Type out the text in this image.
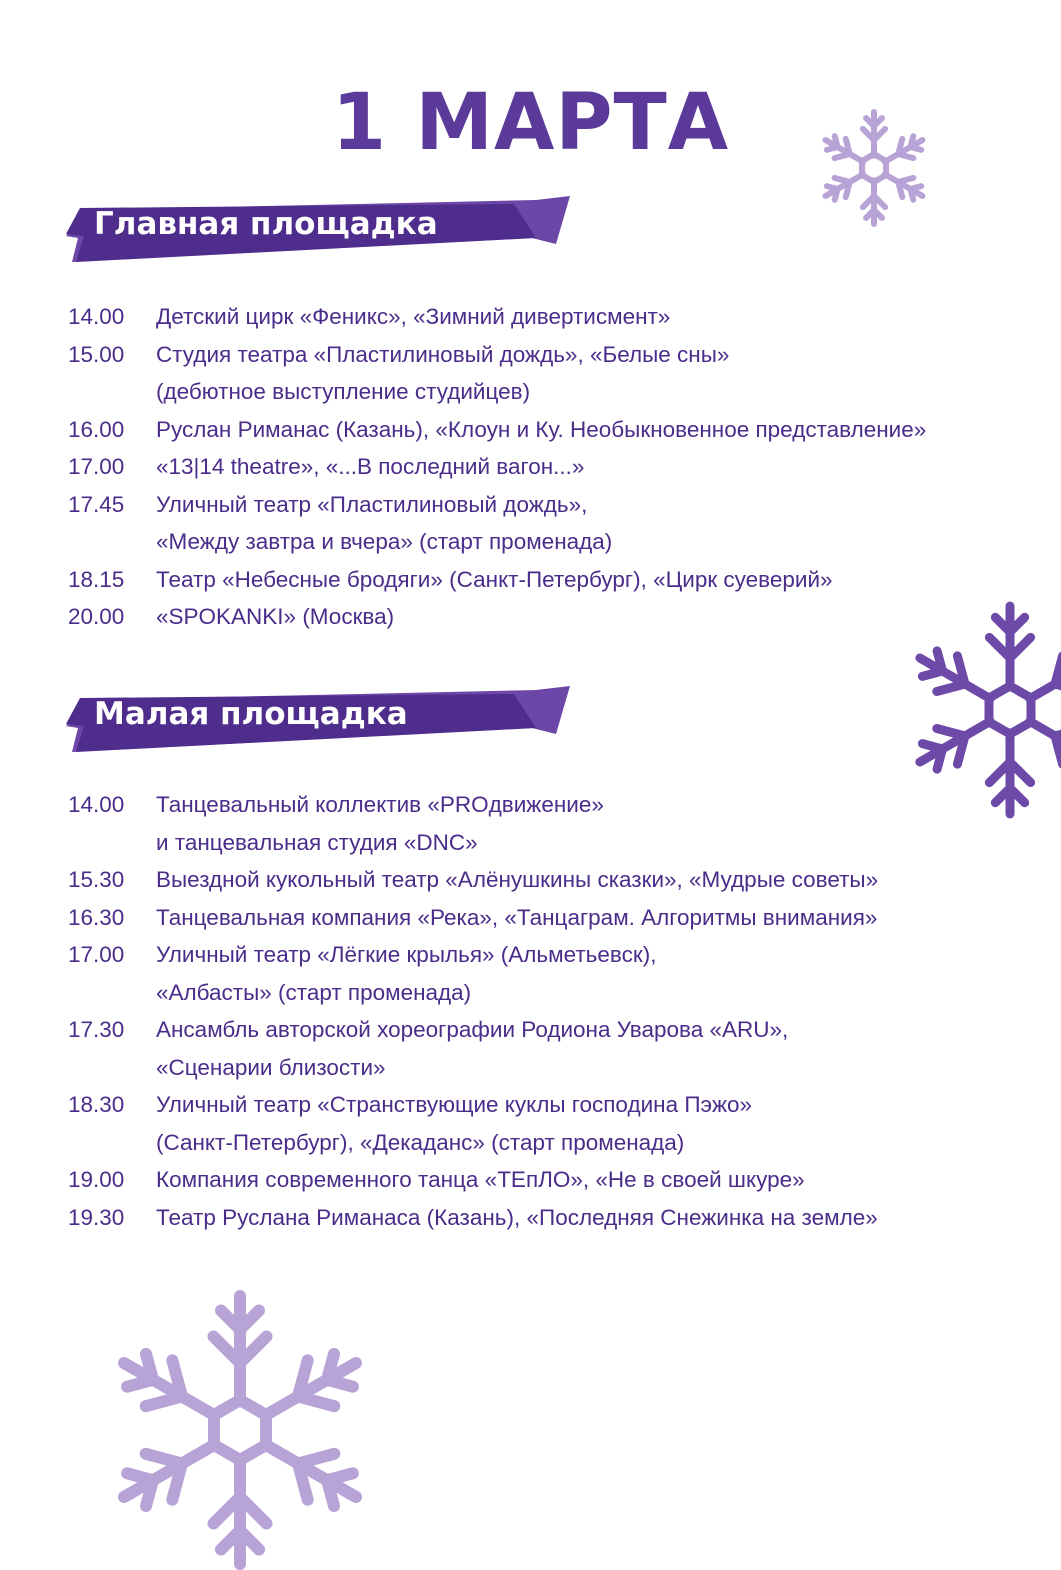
1 МАРТА
Главная площадка
14.00	Детский цирк «Феникс», «Зимний дивертисмент»
15.00	Студия театра «Пластилиновый дождь», «Белые сны»
(дебютное выступление студийцев)
16.00	Руслан Риманас (Казань), «Клоун и Ку. Необыкновенное представление»
17.00	«13|14 theatre», «...В последний вагон...»
17.45	Уличный театр «Пластилиновый дождь»,
«Между завтра и вчера» (старт променада)
18.15	Театр «Небесные бродяги» (Санкт-Петербург), «Цирк суеверий»
20.00	«SPOKANKI» (Москва)
Малая площадка
14.00	Танцевальный коллектив «PROдвижение»
и танцевальная студия «DNC»
15.30	Выездной кукольный театр «Алёнушкины сказки», «Мудрые советы»
16.30	Танцевальная компания «Река», «Танцаграм. Алгоритмы внимания»
17.00	Уличный театр «Лёгкие крылья» (Альметьевск),
«Албасты» (старт променада)
17.30	Ансамбль авторской хореографии Родиона Уварова «ARU»,
«Сценарии близости»
18.30	Уличный театр «Странствующие куклы господина Пэжо»
(Санкт-Петербург), «Декаданс» (старт променада)
19.00	Компания современного танца «ТЕпЛО», «Не в своей шкуре»
19.30	Театр Руслана Риманаса (Казань), «Последняя Снежинка на земле»
